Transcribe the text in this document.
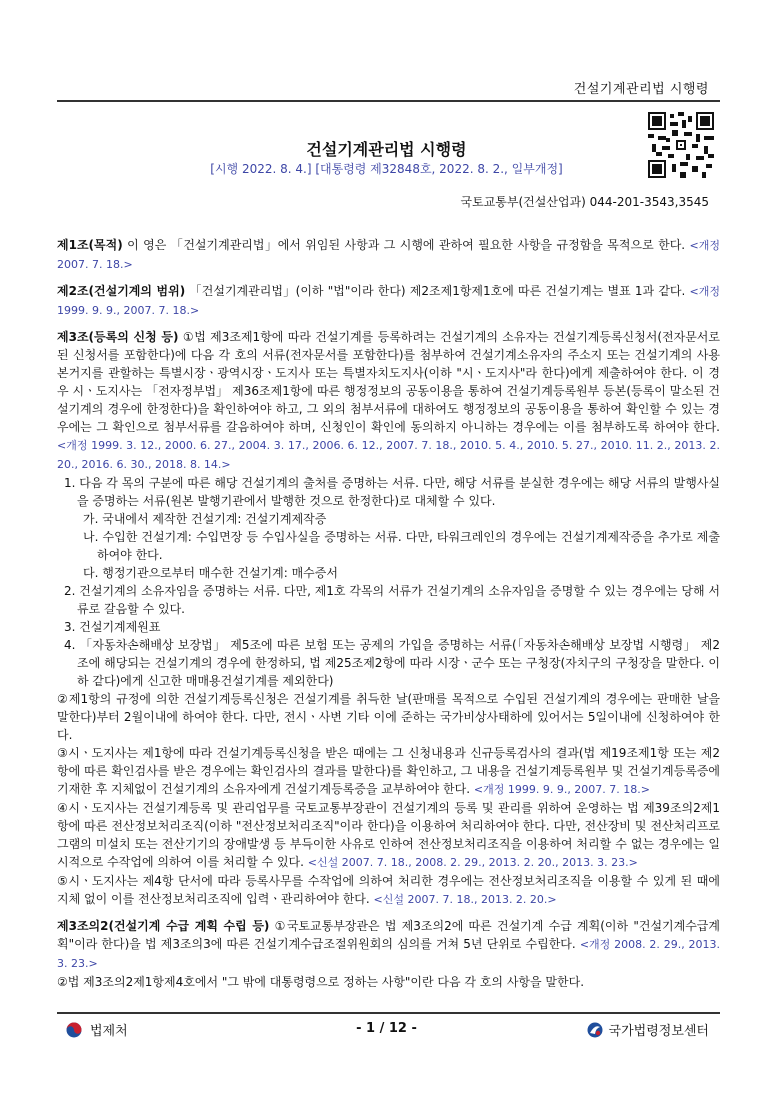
건설기계관리법 시행령
건설기계관리법 시행령
[시행 2022. 8. 4.] [대통령령 제32848호, 2022. 8. 2., 일부개정]
국토교통부(건설산업과) 044-201-3543,3545

제1조(목적) 이 영은 「건설기계관리법」에서 위임된 사항과 그 시행에 관하여 필요한 사항을 규정함을 목적으로 한다. <개정 2007. 7. 18.>

제2조(건설기계의 범위) 「건설기계관리법」(이하 "법"이라 한다) 제2조제1항제1호에 따른 건설기계는 별표 1과 같다. <개정 1999. 9. 9., 2007. 7. 18.>

제3조(등록의 신청 등) ①법 제3조제1항에 따라 건설기계를 등록하려는 건설기계의 소유자는 건설기계등록신청서(전자문서로 된 신청서를 포함한다)에 다음 각 호의 서류(전자문서를 포함한다)를 첨부하여 건설기계소유자의 주소지 또는 건설기계의 사용본거지를 관할하는 특별시장ㆍ광역시장ㆍ도지사 또는 특별자치도지사(이하 "시ㆍ도지사"라 한다)에게 제출하여야 한다. 이 경우 시ㆍ도지사는 「전자정부법」 제36조제1항에 따른 행정정보의 공동이용을 통하여 건설기계등록원부 등본(등록이 말소된 건설기계의 경우에 한정한다)을 확인하여야 하고, 그 외의 첨부서류에 대하여도 행정정보의 공동이용을 통하여 확인할 수 있는 경우에는 그 확인으로 첨부서류를 갈음하여야 하며, 신청인이 확인에 동의하지 아니하는 경우에는 이를 첨부하도록 하여야 한다. <개정 1999. 3. 12., 2000. 6. 27., 2004. 3. 17., 2006. 6. 12., 2007. 7. 18., 2010. 5. 4., 2010. 5. 27., 2010. 11. 2., 2013. 2. 20., 2016. 6. 30., 2018. 8. 14.>

1. 다음 각 목의 구분에 따른 해당 건설기계의 출처를 증명하는 서류. 다만, 해당 서류를 분실한 경우에는 해당 서류의 발행사실을 증명하는 서류(원본 발행기관에서 발행한 것으로 한정한다)로 대체할 수 있다.

가. 국내에서 제작한 건설기계: 건설기계제작증

나. 수입한 건설기계: 수입면장 등 수입사실을 증명하는 서류. 다만, 타워크레인의 경우에는 건설기계제작증을 추가로 제출하여야 한다.

다. 행정기관으로부터 매수한 건설기계: 매수증서

2. 건설기계의 소유자임을 증명하는 서류. 다만, 제1호 각목의 서류가 건설기계의 소유자임을 증명할 수 있는 경우에는 당해 서류로 갈음할 수 있다.

3. 건설기계제원표

4. 「자동차손해배상 보장법」 제5조에 따른 보험 또는 공제의 가입을 증명하는 서류(「자동차손해배상 보장법 시행령」 제2조에 해당되는 건설기계의 경우에 한정하되, 법 제25조제2항에 따라 시장ㆍ군수 또는 구청장(자치구의 구청장을 말한다. 이하 같다)에게 신고한 매매용건설기계를 제외한다)

②제1항의 규정에 의한 건설기계등록신청은 건설기계를 취득한 날(판매를 목적으로 수입된 건설기계의 경우에는 판매한 날을 말한다)부터 2월이내에 하여야 한다. 다만, 전시ㆍ사변 기타 이에 준하는 국가비상사태하에 있어서는 5일이내에 신청하여야 한다.

③시ㆍ도지사는 제1항에 따라 건설기계등록신청을 받은 때에는 그 신청내용과 신규등록검사의 결과(법 제19조제1항 또는 제2항에 따른 확인검사를 받은 경우에는 확인검사의 결과를 말한다)를 확인하고, 그 내용을 건설기계등록원부 및 건설기계등록증에 기재한 후 지체없이 건설기계의 소유자에게 건설기계등록증을 교부하여야 한다. <개정 1999. 9. 9., 2007. 7. 18.>

④시ㆍ도지사는 건설기계등록 및 관리업무를 국토교통부장관이 건설기계의 등록 및 관리를 위하여 운영하는 법 제39조의2제1항에 따른 전산정보처리조직(이하 "전산정보처리조직"이라 한다)을 이용하여 처리하여야 한다. 다만, 전산장비 및 전산처리프로그램의 미설치 또는 전산기기의 장애발생 등 부득이한 사유로 인하여 전산정보처리조직을 이용하여 처리할 수 없는 경우에는 일시적으로 수작업에 의하여 이를 처리할 수 있다. <신설 2007. 7. 18., 2008. 2. 29., 2013. 2. 20., 2013. 3. 23.>

⑤시ㆍ도지사는 제4항 단서에 따라 등록사무를 수작업에 의하여 처리한 경우에는 전산정보처리조직을 이용할 수 있게 된 때에 지체 없이 이를 전산정보처리조직에 입력ㆍ관리하여야 한다. <신설 2007. 7. 18., 2013. 2. 20.>

제3조의2(건설기계 수급 계획 수립 등) ①국토교통부장관은 법 제3조의2에 따른 건설기계 수급 계획(이하 "건설기계수급계획"이라 한다)을 법 제3조의3에 따른 건설기계수급조절위원회의 심의를 거쳐 5년 단위로 수립한다. <개정 2008. 2. 29., 2013. 3. 23.>

②법 제3조의2제1항제4호에서 "그 밖에 대통령령으로 정하는 사항"이란 다음 각 호의 사항을 말한다.

법제처	- 1 / 12 -	국가법령정보센터
